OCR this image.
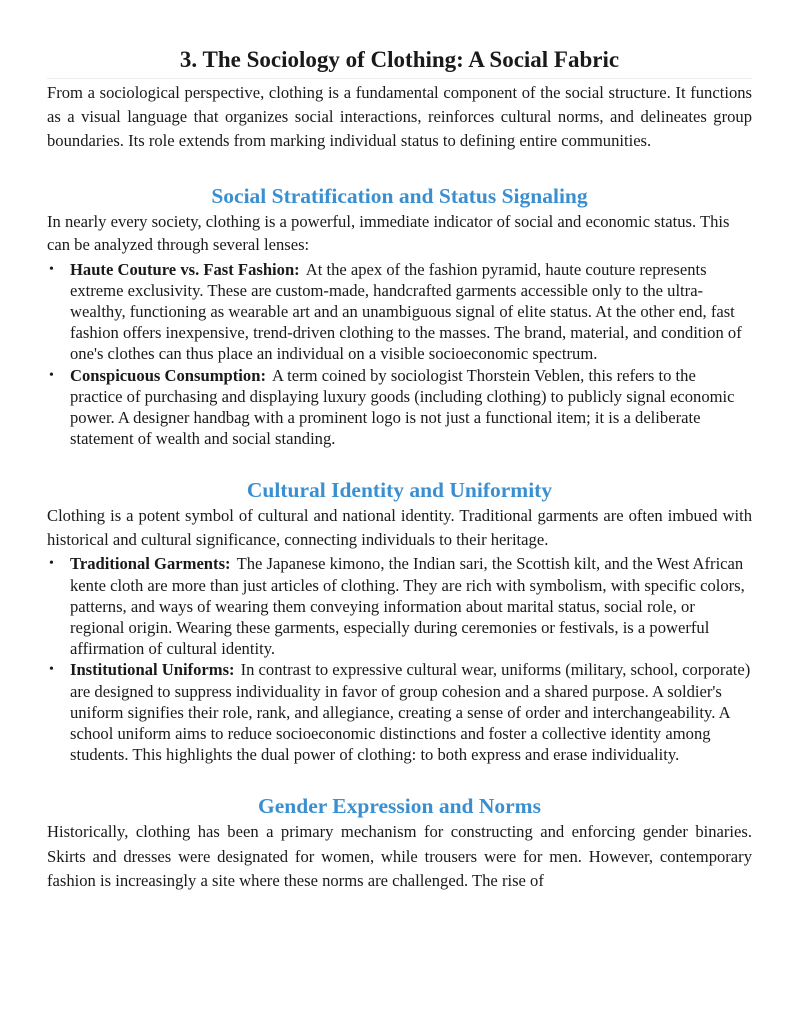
3. The Sociology of Clothing: A Social Fabric

From a sociological perspective, clothing is a fundamental component of the social structure. It functions as a visual language that organizes social interactions, reinforces cultural norms, and delineates group boundaries. Its role extends from marking individual status to defining entire communities.

Social Stratification and Status Signaling

In nearly every society, clothing is a powerful, immediate indicator of social and economic status. This can be analyzed through several lenses:

• Haute Couture vs. Fast Fashion: At the apex of the fashion pyramid, haute couture represents extreme exclusivity. These are custom-made, handcrafted garments accessible only to the ultra-wealthy, functioning as wearable art and an unambiguous signal of elite status. At the other end, fast fashion offers inexpensive, trend-driven clothing to the masses. The brand, material, and condition of one's clothes can thus place an individual on a visible socioeconomic spectrum.
• Conspicuous Consumption: A term coined by sociologist Thorstein Veblen, this refers to the practice of purchasing and displaying luxury goods (including clothing) to publicly signal economic power. A designer handbag with a prominent logo is not just a functional item; it is a deliberate statement of wealth and social standing.
Cultural Identity and Uniformity

Clothing is a potent symbol of cultural and national identity. Traditional garments are often imbued with historical and cultural significance, connecting individuals to their heritage.

• Traditional Garments: The Japanese kimono, the Indian sari, the Scottish kilt, and the West African kente cloth are more than just articles of clothing. They are rich with symbolism, with specific colors, patterns, and ways of wearing them conveying information about marital status, social role, or regional origin. Wearing these garments, especially during ceremonies or festivals, is a powerful affirmation of cultural identity.
• Institutional Uniforms: In contrast to expressive cultural wear, uniforms (military, school, corporate) are designed to suppress individuality in favor of group cohesion and a shared purpose. A soldier's uniform signifies their role, rank, and allegiance, creating a sense of order and interchangeability. A school uniform aims to reduce socioeconomic distinctions and foster a collective identity among students. This highlights the dual power of clothing: to both express and erase individuality.
Gender Expression and Norms

Historically, clothing has been a primary mechanism for constructing and enforcing gender binaries. Skirts and dresses were designated for women, while trousers were for men. However, contemporary fashion is increasingly a site where these norms are challenged. The rise of
